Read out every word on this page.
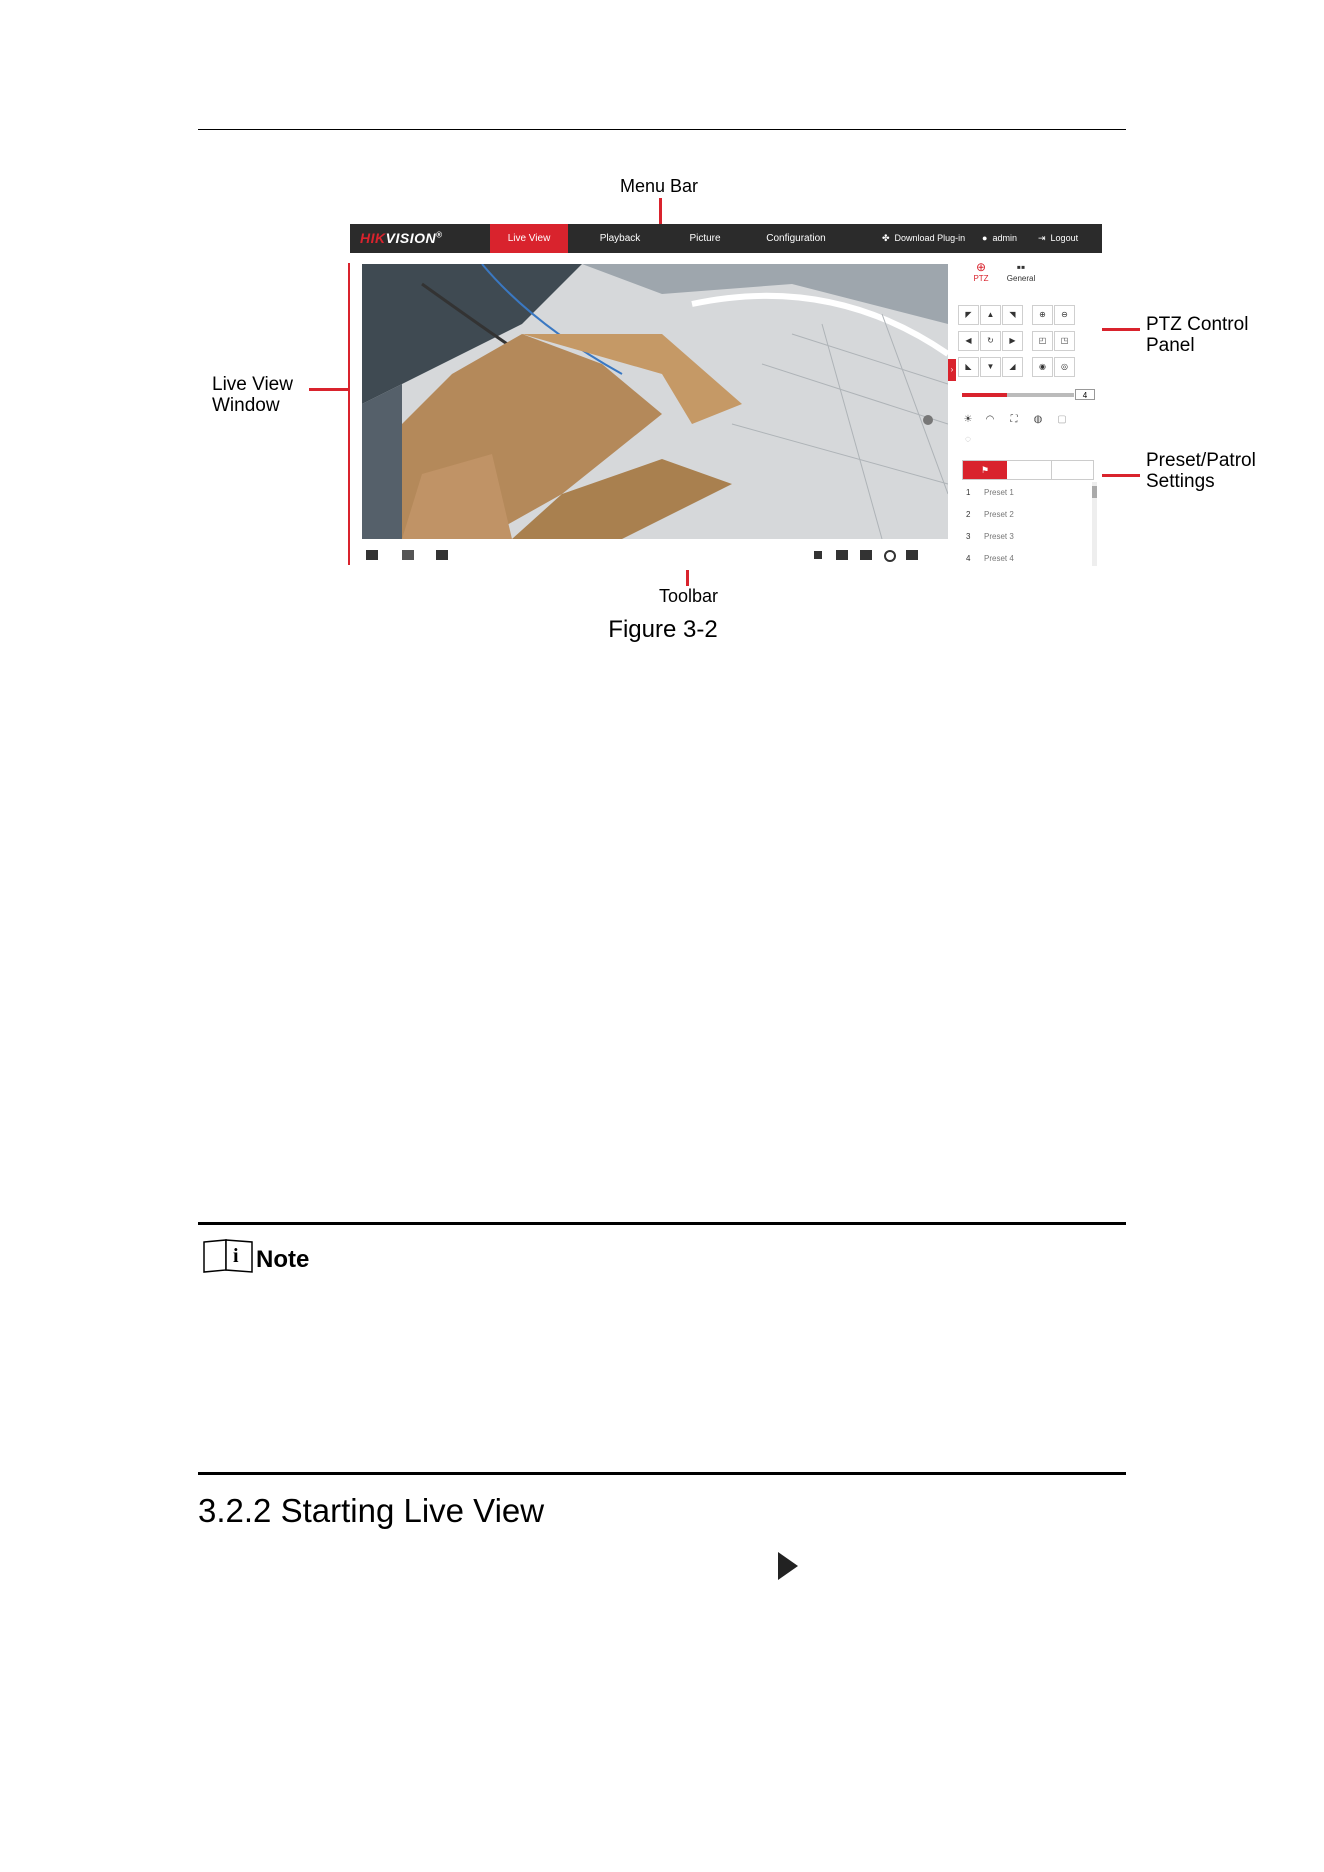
Menu Bar
Live View
Window
PTZ Control
Panel
Preset/Patrol
Settings
Toolbar
HIKVISION®	Live View	Playback	Picture	Configuration	✤ Download Plug-in ● admin ⇥ Logout
›
⊕
PTZ
▪▪
General
◤	▲	◥
◀	↻	▶
◣	▼	◢
⊕	⊖
◰	◳
◉	◎
4
☀	◠	⛶	◍	▢
◌
⚑
1 Preset 1
2 Preset 2
3 Preset 3
4 Preset 4
Figure 3-2
i Note
3.2.2 Starting Live View
